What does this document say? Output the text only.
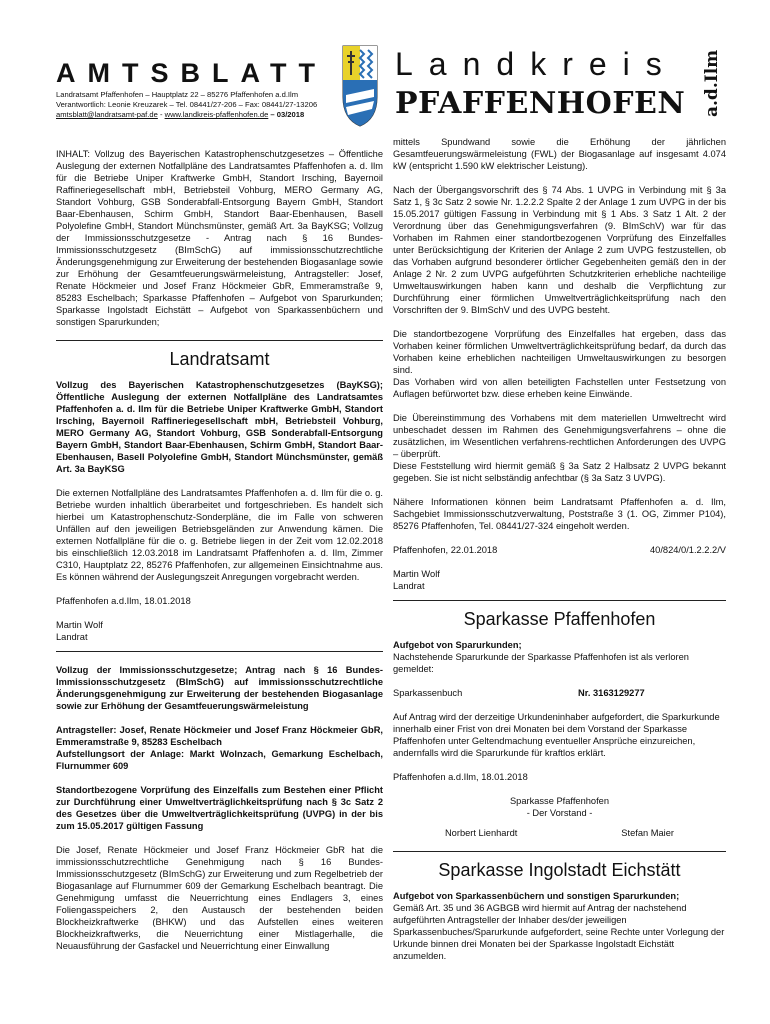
AMTSBLATT
Landratsamt Pfaffenhofen – Hauptplatz 22 – 85276 Pfaffenhofen a.d.Ilm
Verantwortlich: Leonie Kreuzarek – Tel. 08441/27-206 – Fax: 08441/27-13206
amtsblatt@landratsamt-paf.de - www.landkreis-pfaffenhofen.de – 03/2018
Landkreis
PFAFFENHOFEN a.d.Ilm
INHALT: Vollzug des Bayerischen Katastrophenschutzgesetzes – Öffentliche Auslegung der externen Notfallpläne des Landratsamtes Pfaffenhofen a. d. Ilm für die Betriebe Uniper Kraftwerke GmbH, Standort Irsching, Bayernoil Raffineriegesellschaft mbH, Betriebsteil Vohburg, MERO Germany AG, Standort Vohburg, GSB Sonderabfall-Entsorgung Bayern GmbH, Standort Baar-Ebenhausen, Schirm GmbH, Standort Baar-Ebenhausen, Basell Polyolefine GmbH, Standort Münchsmünster, gemäß Art. 3a BayKSG; Vollzug der Immissionsschutzgesetze - Antrag nach § 16 Bundes-Immissionsschutzgesetz (BImSchG) auf immissionsschutzrechtliche Änderungsgenehmigung zur Erweiterung der bestehenden Biogasanlage sowie zur Erhöhung der Gesamtfeuerungswärmeleistung, Antragsteller: Josef, Renate Höckmeier und Josef Franz Höckmeier GbR, Emmeramstraße 9, 85283 Eschelbach; Sparkasse Pfaffenhofen – Aufgebot von Sparurkunden; Sparkasse Ingolstadt Eichstätt – Aufgebot von Sparkassenbüchern und sonstigen Sparurkunden;
Landratsamt
Vollzug des Bayerischen Katastrophenschutzgesetzes (BayKSG); Öffentliche Auslegung der externen Notfallpläne des Landratsamtes Pfaffenhofen a. d. Ilm für die Betriebe Uniper Kraftwerke GmbH, Standort Irsching, Bayernoil Raffineriegesellschaft mbH, Betriebsteil Vohburg, MERO Germany AG, Standort Vohburg, GSB Sonderabfall-Entsorgung Bayern GmbH, Standort Baar-Ebenhausen, Schirm GmbH, Standort Baar-Ebenhausen, Basell Polyolefine GmbH, Standort Münchsmünster, gemäß Art. 3a BayKSG
Die externen Notfallpläne des Landratsamtes Pfaffenhofen a. d. Ilm für die o. g. Betriebe wurden inhaltlich überarbeitet und fortgeschrieben. Es handelt sich hierbei um Katastrophenschutz-Sonderpläne, die im Falle von schweren Unfällen auf den jeweiligen Betriebsgeländen zur Anwendung kämen. Die externen Notfallpläne für die o. g. Betriebe liegen in der Zeit vom 12.02.2018 bis einschließlich 12.03.2018 im Landratsamt Pfaffenhofen a. d. Ilm, Zimmer C310, Hauptplatz 22, 85276 Pfaffenhofen, zur allgemeinen Einsichtnahme aus. Es können während der Auslegungszeit Anregungen vorgebracht werden.
Pfaffenhofen a.d.Ilm, 18.01.2018
Martin Wolf
Landrat
Vollzug der Immissionsschutzgesetze; Antrag nach § 16 Bundes-Immissionsschutzgesetz (BImSchG) auf immissionsschutzrechtliche Änderungsgenehmigung zur Erweiterung der bestehenden Biogasanlage sowie zur Erhöhung der Gesamtfeuerungswärmeleistung
Antragsteller: Josef, Renate Höckmeier und Josef Franz Höckmeier GbR, Emmeramstraße 9, 85283 Eschelbach
Aufstellungsort der Anlage: Markt Wolnzach, Gemarkung Eschelbach, Flurnummer 609
Standortbezogene Vorprüfung des Einzelfalls zum Bestehen einer Pflicht zur Durchführung einer Umweltverträglichkeitsprüfung nach § 3c Satz 2 des Gesetzes über die Umweltverträglichkeitsprüfung (UVPG) in der bis zum 15.05.2017 gültigen Fassung
Die Josef, Renate Höckmeier und Josef Franz Höckmeier GbR hat die immissionsschutzrechtliche Genehmigung nach § 16 Bundes-Immissionsschutzgesetz (BImSchG) zur Erweiterung und zum Regelbetrieb der Biogasanlage auf Flurnummer 609 der Gemarkung Eschelbach beantragt. Die Genehmigung umfasst die Neuerrichtung eines Endlagers 3, eines Foliengasspeichers 2, den Austausch der bestehenden beiden Blockheizkraftwerke (BHKW) und das Aufstellen eines weiteren Blockheizkraftwerks, die Neuerrichtung einer Mistlagerhalle, die Neuausführung der Gasfackel und Neuerrichtung einer Einwallung
mittels Spundwand sowie die Erhöhung der jährlichen Gesamtfeuerungswärmeleistung (FWL) der Biogasanlage auf insgesamt 4.074 kW (entspricht 1.590 kW elektrischer Leistung).
Nach der Übergangsvorschrift des § 74 Abs. 1 UVPG in Verbindung mit § 3a Satz 1, § 3c Satz 2 sowie Nr. 1.2.2.2 Spalte 2 der Anlage 1 zum UVPG in der bis 15.05.2017 gültigen Fassung in Verbindung mit § 1 Abs. 3 Satz 1 Alt. 2 der Verordnung über das Genehmigungsverfahren (9. BImSchV) war für das Vorhaben im Rahmen einer standortbezogenen Vorprüfung des Einzelfalles unter Berücksichtigung der Kriterien der Anlage 2 zum UVPG festzustellen, ob das Vorhaben aufgrund besonderer örtlicher Gegebenheiten gemäß den in der Anlage 2 Nr. 2 zum UVPG aufgeführten Schutzkriterien erhebliche nachteilige Umweltauswirkungen haben kann und deshalb die Verpflichtung zur Durchführung einer förmlichen Umweltverträglichkeitsprüfung nach den Vorschriften der 9. BImSchV und des UVPG besteht.
Die standortbezogene Vorprüfung des Einzelfalles hat ergeben, dass das Vorhaben keiner förmlichen Umweltverträglichkeitsprüfung bedarf, da durch das Vorhaben keine erheblichen nachteiligen Umweltauswirkungen zu besorgen sind.
Das Vorhaben wird von allen beteiligten Fachstellen unter Festsetzung von Auflagen befürwortet bzw. diese erheben keine Einwände.
Die Übereinstimmung des Vorhabens mit dem materiellen Umweltrecht wird unbeschadet dessen im Rahmen des Genehmigungsverfahrens – ohne die zusätzlichen, im Wesentlichen verfahrens-rechtlichen Anforderungen des UVPG – überprüft.
Diese Feststellung wird hiermit gemäß § 3a Satz 2 Halbsatz 2 UVPG bekannt gegeben. Sie ist nicht selbständig anfechtbar (§ 3a Satz 3 UVPG).
Nähere Informationen können beim Landratsamt Pfaffenhofen a. d. Ilm, Sachgebiet Immissionsschutzverwaltung, Poststraße 3 (1. OG, Zimmer P104), 85276 Pfaffenhofen, Tel. 08441/27-324 eingeholt werden.
Pfaffenhofen, 22.01.2018	40/824/0/1.2.2.2/V
Martin Wolf
Landrat
Sparkasse Pfaffenhofen
Aufgebot von Sparurkunden;
Nachstehende Sparurkunde der Sparkasse Pfaffenhofen ist als verloren gemeldet:
Sparkassenbuch	Nr. 3163129277
Auf Antrag wird der derzeitige Urkundeninhaber aufgefordert, die Sparkurkunde innerhalb einer Frist von drei Monaten bei dem Vorstand der Sparkasse Pfaffenhofen unter Geltendmachung eventueller Ansprüche einzureichen, andernfalls wird die Sparurkunde für kraftlos erklärt.
Pfaffenhofen a.d.Ilm, 18.01.2018
Sparkasse Pfaffenhofen
- Der Vorstand -
Norbert Lienhardt	Stefan Maier
Sparkasse Ingolstadt Eichstätt
Aufgebot von Sparkassenbüchern und sonstigen Sparurkunden;
Gemäß Art. 35 und 36 AGBGB wird hiermit auf Antrag der nachstehend aufgeführten Antragsteller der Inhaber des/der jeweiligen Sparkassenbuches/Sparurkunde aufgefordert, seine Rechte unter Vorlegung der Urkunde binnen drei Monaten bei der Sparkasse Ingolstadt Eichstätt anzumelden.
